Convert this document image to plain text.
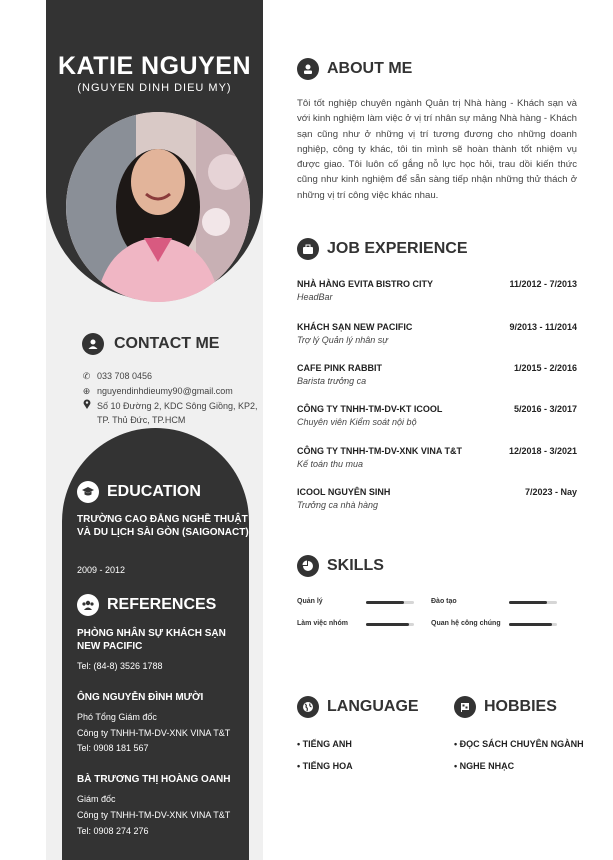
KATIE NGUYEN
(NGUYEN DINH DIEU MY)
CONTACT ME
✆ 033 708 0456
⊕ nguyendinhdieumy90@gmail.com
Số 10 Đường 2, KDC Sông Giồng, KP2, TP. Thủ Đức, TP.HCM
EDUCATION
TRƯỜNG CAO ĐẲNG NGHỀ THUẬT VÀ DU LỊCH SÀI GÒN (SAIGONACT)
2009 - 2012
REFERENCES
PHÒNG NHÂN SỰ KHÁCH SẠN NEW PACIFIC
Tel: (84-8) 3526 1788
ÔNG NGUYỄN ĐÌNH MƯỜI
Phó Tổng Giám đốc
Công ty TNHH-TM-DV-XNK VINA T&T
Tel: 0908 181 567
BÀ TRƯƠNG THỊ HOÀNG OANH
Giám đốc
Công ty TNHH-TM-DV-XNK VINA T&T
Tel: 0908 274 276
ABOUT ME
Tôi tốt nghiệp chuyên ngành Quản trị Nhà hàng - Khách sạn và với kinh nghiệm làm việc ở vị trí nhân sự mảng Nhà hàng - Khách sạn cũng như ở những vị trí tương đương cho những doanh nghiệp, công ty khác, tôi tin mình sẽ hoàn thành tốt nhiệm vụ được giao. Tôi luôn cố gắng nỗ lực học hỏi, trau dồi kiến thức cũng như kinh nghiệm để sẵn sàng tiếp nhận những thử thách ở những vị trí công việc khác nhau.
JOB EXPERIENCE
NHÀ HÀNG EVITA BISTRO CITY	11/2012 - 7/2013
HeadBar
KHÁCH SẠN NEW PACIFIC	9/2013 - 11/2014
Trợ lý Quản lý nhân sự
CAFE PINK RABBIT	1/2015 - 2/2016
Barista trưởng ca
CÔNG TY TNHH-TM-DV-KT ICOOL	5/2016 - 3/2017
Chuyên viên Kiểm soát nội bộ
CÔNG TY TNHH-TM-DV-XNK VINA T&T	12/2018 - 3/2021
Kế toán thu mua
ICOOL NGUYÊN SINH	7/2023 - Nay
Trưởng ca nhà hàng
SKILLS
Quản lý	Đào tạo
Làm việc nhóm	Quan hệ công chúng
LANGUAGE
• TIẾNG ANH
• TIẾNG HOA
HOBBIES
• ĐỌC SÁCH CHUYÊN NGÀNH
• NGHE NHẠC
